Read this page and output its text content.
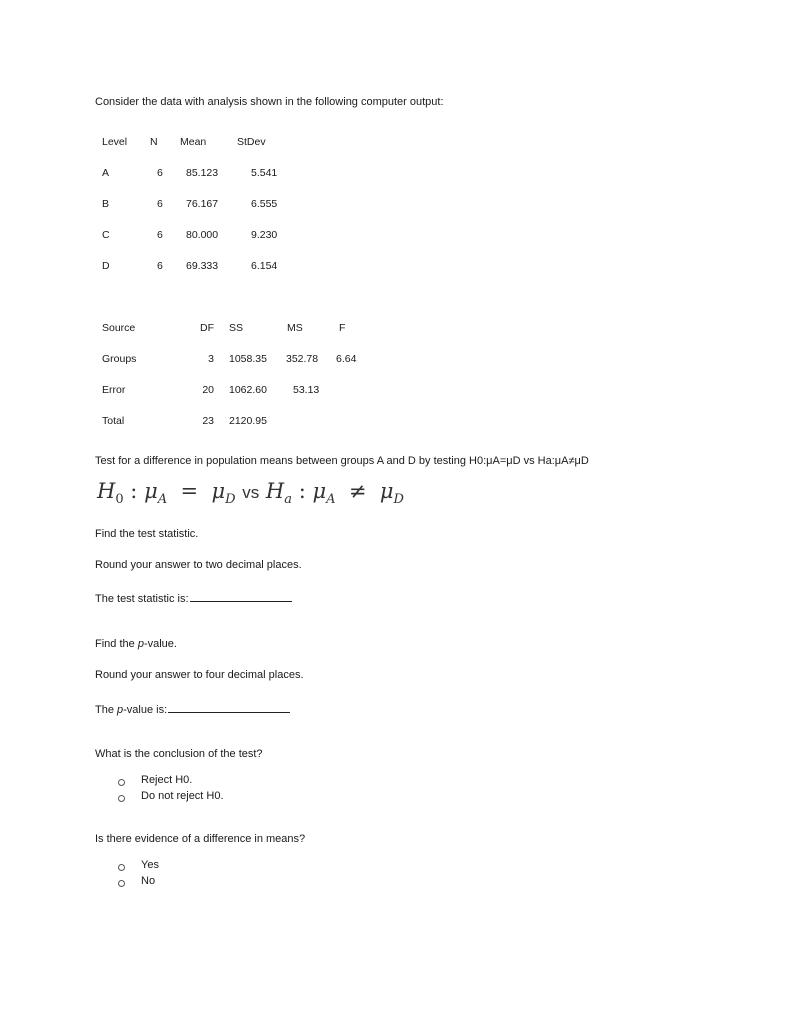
Consider the data with analysis shown in the following computer output:
Level N Mean	StDev
A	6 85.123	5.541
B	6 76.167	6.555
C	6 80.000	9.230
D	6 69.333	6.154
Source	DF SS	MS	F
Groups	3 1058.35 352.78 6.64
Error	20 1062.60 53.13
Total	23 2120.95
Test for a difference in population means between groups A and D by testing H0:μA=μD vs Ha:μA≠μD
$H_0$ : $\mu_A = \mu_D$ vs $H_a$ : $\mu_A \ne \mu_D$
Find the test statistic.
Round your answer to two decimal places.
The test statistic is:
Find the p-value.
Round your answer to four decimal places.
The p-value is:
What is the conclusion of the test?
Reject H0.
Do not reject H0.
Is there evidence of a difference in means?
Yes
No
